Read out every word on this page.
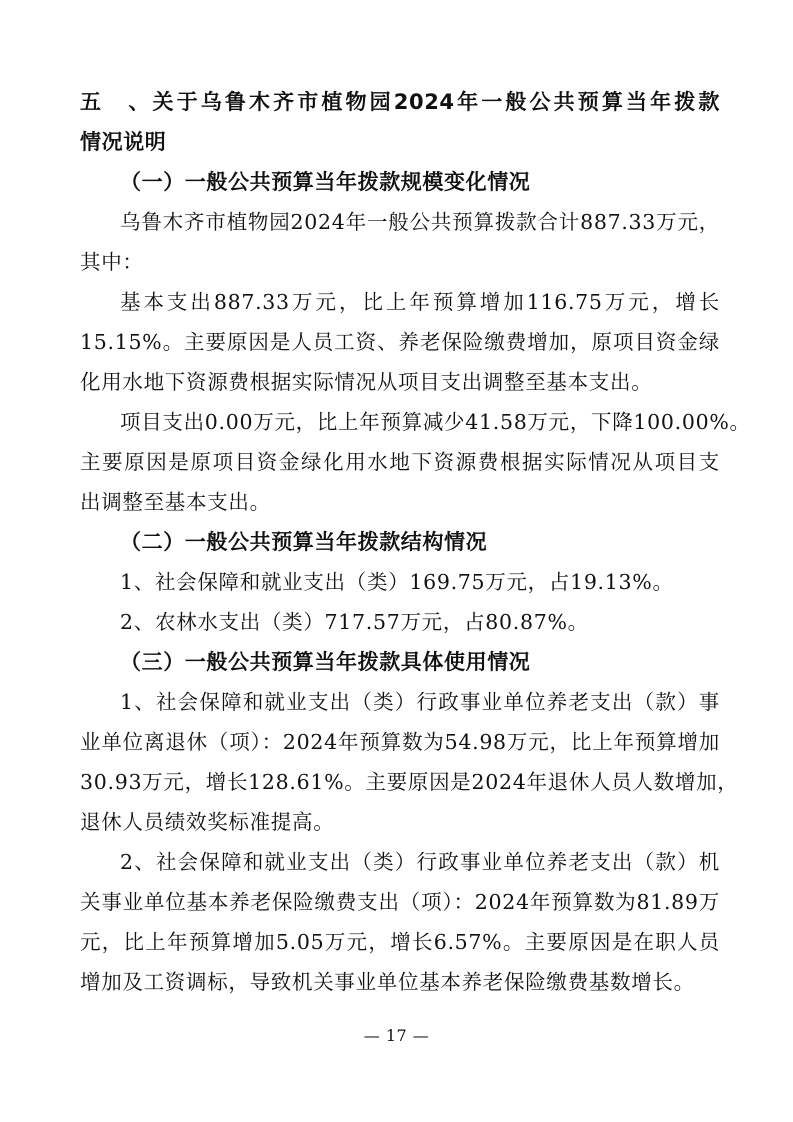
五、关于乌鲁木齐市植物园2024年一般公共预算当年拨款
情况说明
（一）一般公共预算当年拨款规模变化情况
乌鲁木齐市植物园2024年一般公共预算拨款合计887.33万元，
其中：
基本支出887.33万元，比上年预算增加116.75万元，增长
15.15%。主要原因是人员工资、养老保险缴费增加，原项目资金绿
化用水地下资源费根据实际情况从项目支出调整至基本支出。
项目支出0.00万元，比上年预算减少41.58万元，下降100.00%。
主要原因是原项目资金绿化用水地下资源费根据实际情况从项目支
出调整至基本支出。
（二）一般公共预算当年拨款结构情况
1、社会保障和就业支出（类）169.75万元，占19.13%。
2、农林水支出（类）717.57万元，占80.87%。
（三）一般公共预算当年拨款具体使用情况
1、社会保障和就业支出（类）行政事业单位养老支出（款）事
业单位离退休（项）：2024年预算数为54.98万元，比上年预算增加
30.93万元，增长128.61%。主要原因是2024年退休人员人数增加，
退休人员绩效奖标准提高。
2、社会保障和就业支出（类）行政事业单位养老支出（款）机
关事业单位基本养老保险缴费支出（项）：2024年预算数为81.89万
元，比上年预算增加5.05万元，增长6.57%。主要原因是在职人员
增加及工资调标，导致机关事业单位基本养老保险缴费基数增长。
— 17 —
